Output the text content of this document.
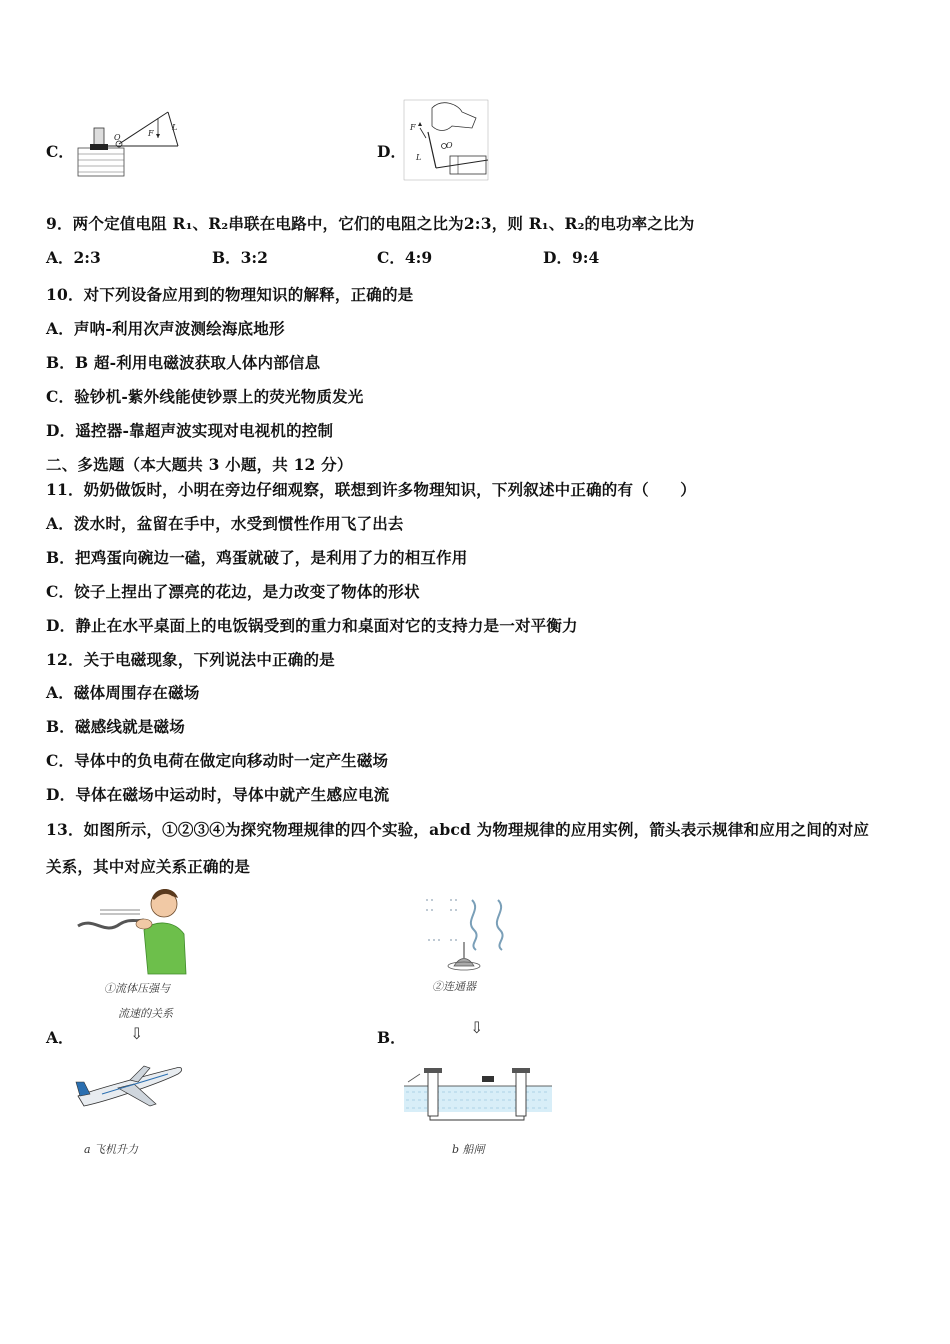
C．
O	F
L
D．
F
O
L
9．两个定值电阻 R₁、R₂串联在电路中，它们的电阻之比为2:3，则 R₁、R₂的电功率之比为
A．2:3	B．3:2	C．4:9	D．9:4
10．对下列设备应用到的物理知识的解释，正确的是
A．声呐-利用次声波测绘海底地形
B．B 超-利用电磁波获取人体内部信息
C．验钞机-紫外线能使钞票上的荧光物质发光
D．遥控器-靠超声波实现对电视机的控制
二、多选题（本大题共 3 小题，共 12 分）
11．奶奶做饭时，小明在旁边仔细观察，联想到许多物理知识，下列叙述中正确的有（　　）
A．泼水时，盆留在手中，水受到惯性作用飞了出去
B．把鸡蛋向碗边一磕，鸡蛋就破了，是利用了力的相互作用
C．饺子上捏出了漂亮的花边，是力改变了物体的形状
D．静止在水平桌面上的电饭锅受到的重力和桌面对它的支持力是一对平衡力
12．关于电磁现象，下列说法中正确的是
A．磁体周围存在磁场
B．磁感线就是磁场
C．导体中的负电荷在做定向移动时一定产生磁场
D．导体在磁场中运动时，导体中就产生感应电流
13．如图所示，①②③④为探究物理规律的四个实验，abcd 为物理规律的应用实例，箭头表示规律和应用之间的对应
关系，其中对应关系正确的是
①流体压强与
流速的关系
A．	⇩
a 飞机升力
②连通器
B．
⇩
b 船闸
